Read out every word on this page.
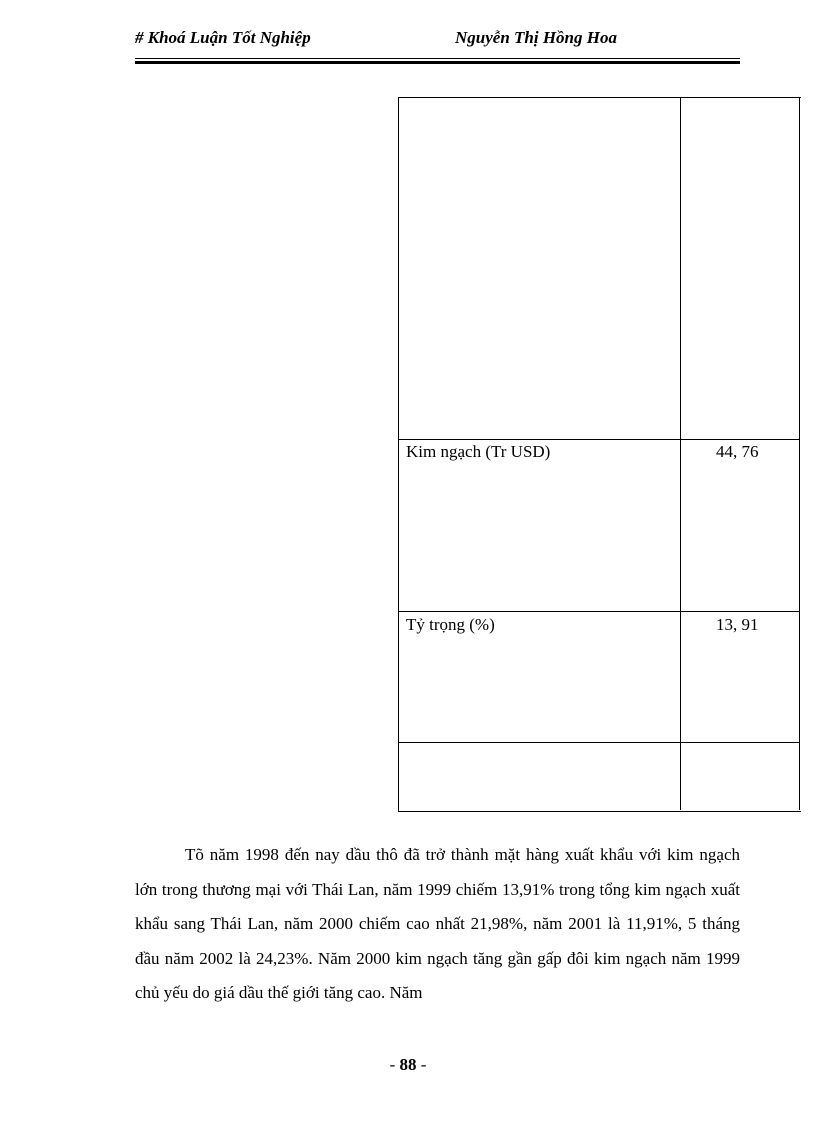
# Khoá Luận Tốt Nghiệp	Nguyễn Thị Hồng Hoa
Kim ngạch (Tr USD)	44, 76
Tỷ trọng (%)	13, 91

Tõ năm 1998 đến nay dầu thô đã trở thành mặt hàng xuất khẩu với kim ngạch lớn trong thương mại với Thái Lan, năm 1999 chiếm 13,91% trong tổng kim ngạch xuất khẩu sang Thái Lan, năm 2000 chiếm cao nhất 21,98%, năm 2001 là 11,91%, 5 tháng đầu năm 2002 là 24,23%. Năm 2000 kim ngạch tăng gần gấp đôi kim ngạch năm 1999 chủ yếu do giá dầu thế giới tăng cao. Năm

- 88 -
